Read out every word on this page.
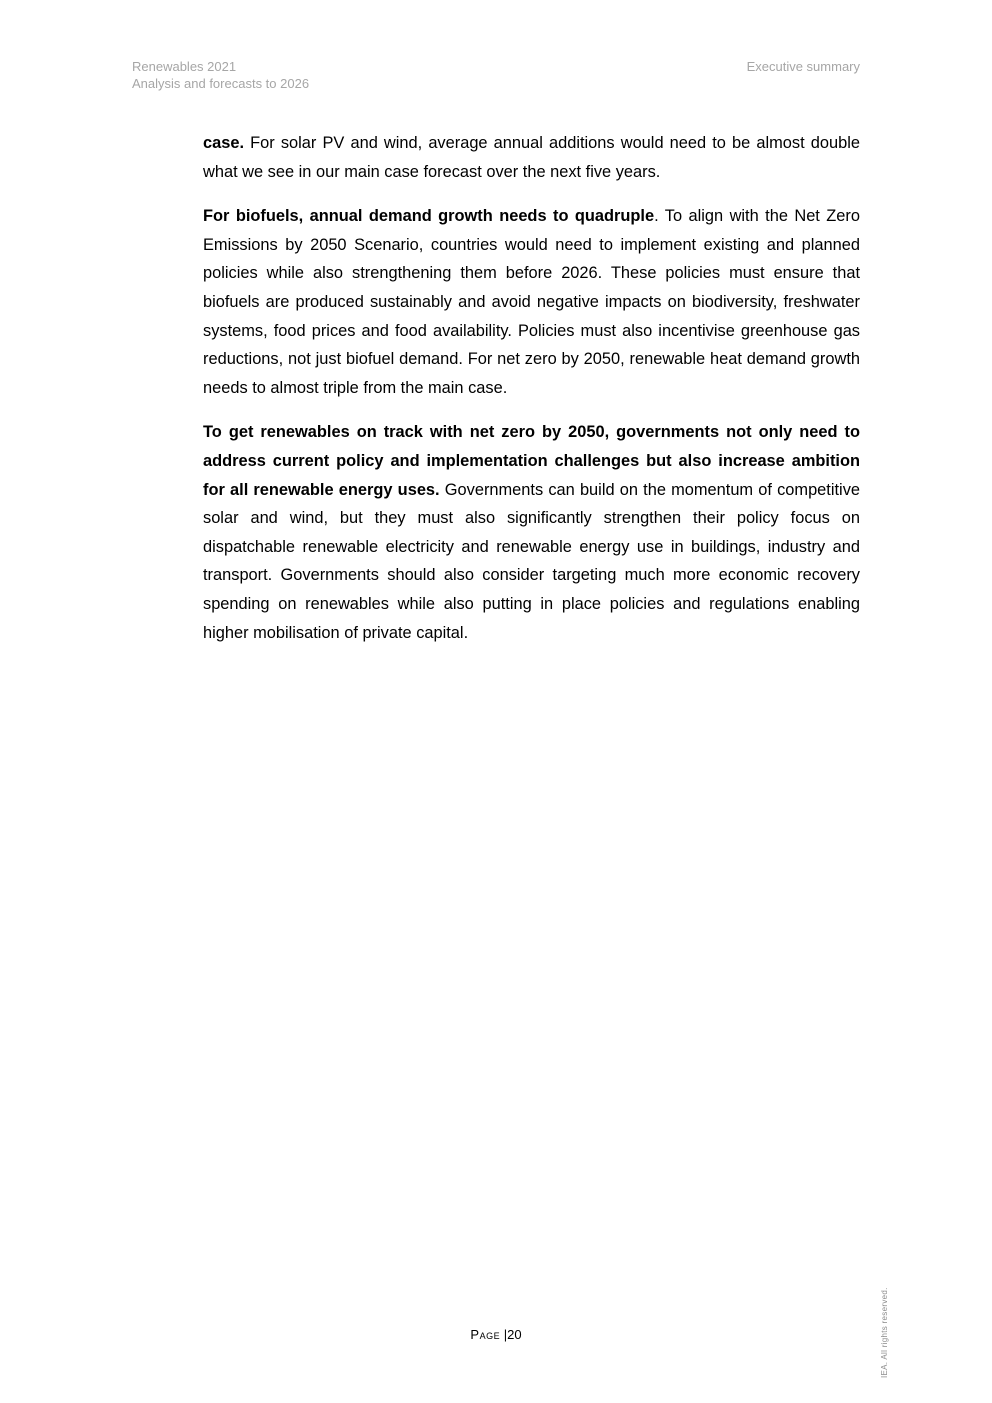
Renewables 2021
Analysis and forecasts to 2026
Executive summary

case. For solar PV and wind, average annual additions would need to be almost double what we see in our main case forecast over the next five years.

For biofuels, annual demand growth needs to quadruple. To align with the Net Zero Emissions by 2050 Scenario, countries would need to implement existing and planned policies while also strengthening them before 2026. These policies must ensure that biofuels are produced sustainably and avoid negative impacts on biodiversity, freshwater systems, food prices and food availability. Policies must also incentivise greenhouse gas reductions, not just biofuel demand. For net zero by 2050, renewable heat demand growth needs to almost triple from the main case.

To get renewables on track with net zero by 2050, governments not only need to address current policy and implementation challenges but also increase ambition for all renewable energy uses. Governments can build on the momentum of competitive solar and wind, but they must also significantly strengthen their policy focus on dispatchable renewable electricity and renewable energy use in buildings, industry and transport. Governments should also consider targeting much more economic recovery spending on renewables while also putting in place policies and regulations enabling higher mobilisation of private capital.

Page |20	IEA. All rights reserved.
